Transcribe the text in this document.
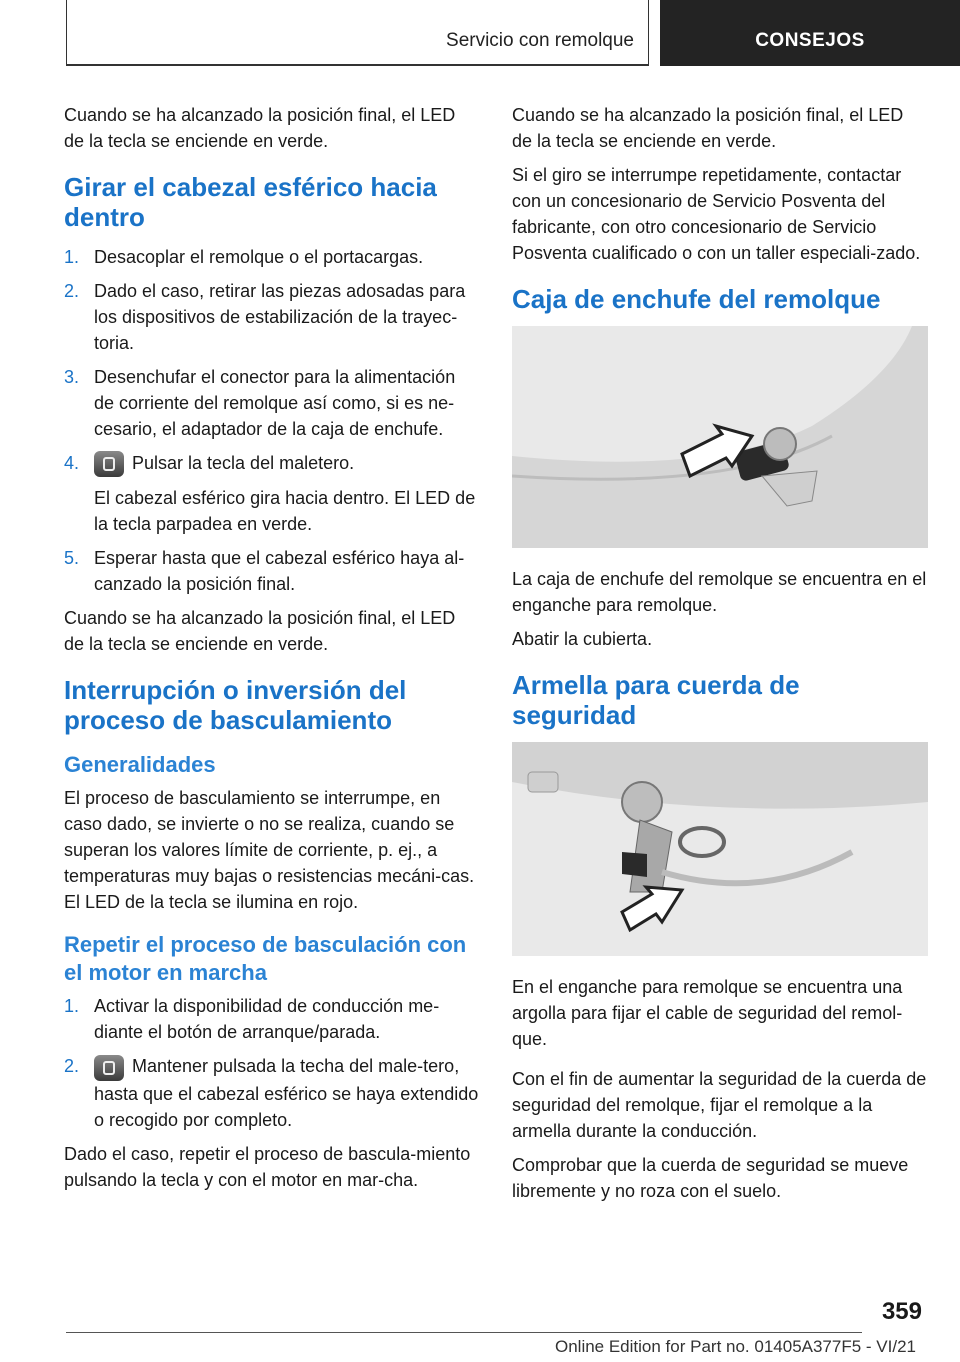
Servicio con remolque	CONSEJOS

Cuando se ha alcanzado la posición final, el LED de la tecla se enciende en verde.

Girar el cabezal esférico hacia dentro
1. Desacoplar el remolque o el portacargas.
2. Dado el caso, retirar las piezas adosadas para los dispositivos de estabilización de la trayec-toria.
3. Desenchufar el conector para la alimentación de corriente del remolque así como, si es ne-cesario, el adaptador de la caja de enchufe.
4.	Pulsar la tecla del maletero.
El cabezal esférico gira hacia dentro. El LED de la tecla parpadea en verde.
5. Esperar hasta que el cabezal esférico haya al-canzado la posición final.

Cuando se ha alcanzado la posición final, el LED de la tecla se enciende en verde.

Interrupción o inversión del proceso de basculamiento
Generalidades

El proceso de basculamiento se interrumpe, en caso dado, se invierte o no se realiza, cuando se superan los valores límite de corriente, p. ej., a temperaturas muy bajas o resistencias mecáni-cas. El LED de la tecla se ilumina en rojo.

Repetir el proceso de basculación con el motor en marcha
1. Activar la disponibilidad de conducción me-diante el botón de arranque/parada.
2.	Mantener pulsada la techa del male-tero, hasta que el cabezal esférico se haya extendido o recogido por completo.

Dado el caso, repetir el proceso de bascula-miento pulsando la tecla y con el motor en mar-cha.

Cuando se ha alcanzado la posición final, el LED de la tecla se enciende en verde.

Si el giro se interrumpe repetidamente, contactar con un concesionario de Servicio Posventa del fabricante, con otro concesionario de Servicio Posventa cualificado o con un taller especiali-zado.

Caja de enchufe del remolque

La caja de enchufe del remolque se encuentra en el enganche para remolque.

Abatir la cubierta.

Armella para cuerda de seguridad

En el enganche para remolque se encuentra una argolla para fijar el cable de seguridad del remol-que.

Con el fin de aumentar la seguridad de la cuerda de seguridad del remolque, fijar el remolque a la armella durante la conducción.

Comprobar que la cuerda de seguridad se mueve libremente y no roza con el suelo.

359
Online Edition for Part no. 01405A377F5 - VI/21
